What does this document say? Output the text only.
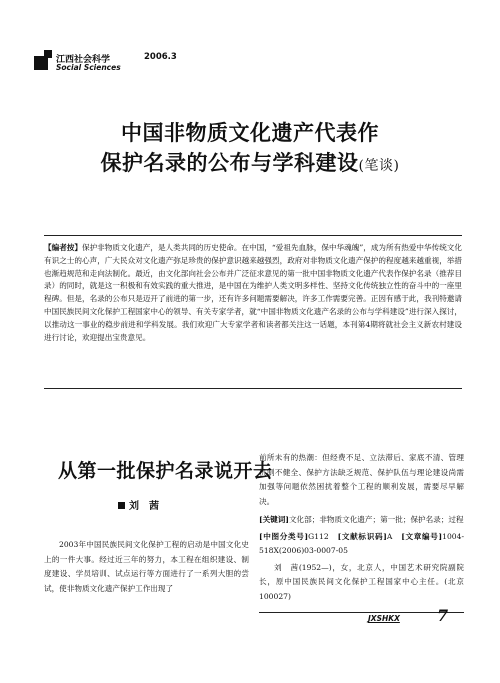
江西社会科学	2006.3
Social Sciences
中国非物质文化遗产代表作
保护名录的公布与学科建设(笔谈)
【编者按】保护非物质文化遗产，是人类共同的历史使命。在中国，“爱祖先血脉，保中华魂魄”，成为所有热爱中华传统文化有识之士的心声，广大民众对文化遗产弥足珍贵的保护意识越来越强烈，政府对非物质文化遗产保护的程度越来越重视，举措也渐趋规范和走向法制化。最近，由文化部向社会公布并广泛征求意见的第一批中国非物质文化遗产代表作保护名录（推荐目录）的同时，就是这一积极和有效实践的重大推进，是中国在为维护人类文明多样性、坚持文化传统独立性的奋斗中的一座里程碑。但是，名录的公布只是迈开了前进的第一步，还有许多问题需要解决，许多工作需要完善。正因有感于此，我刊特邀请中国民族民间文化保护工程国家中心的领导、有关专家学者，就“中国非物质文化遗产名录的公布与学科建设”进行深入探讨，以推动这一事业的稳步前进和学科发展。我们欢迎广大专家学者和读者都关注这一话题，本刊第4期将就社会主义新农村建设进行讨论，欢迎提出宝贵意见。
从第一批保护名录说开去
刘　茜
2003年中国民族民间文化保护工程的启动是中国文化史上的一件大事。经过近三年的努力，本工程在组织建设、制度建设、学员培训、试点运行等方面进行了一系列大胆的尝试，使非物质文化遗产保护工作出现了

前所未有的热潮：但经费不足、立法滞后、家底不清、管理机制不健全、保护方法缺乏规范、保护队伍与理论建设尚需加强等问题依然困扰着整个工程的顺利发展，需要尽早解决。

[关键词]文化部；非物质文化遗产；第一批；保护名录；过程

[中图分类号]G112　 [文献标识码]A　 [文章编号]1004-518X(2006)03-0007-05

刘　茜(1952—)，女，北京人，中国艺术研究院副院长，原中国民族民间文化保护工程国家中心主任。(北京100027)

JXSHKX 7
